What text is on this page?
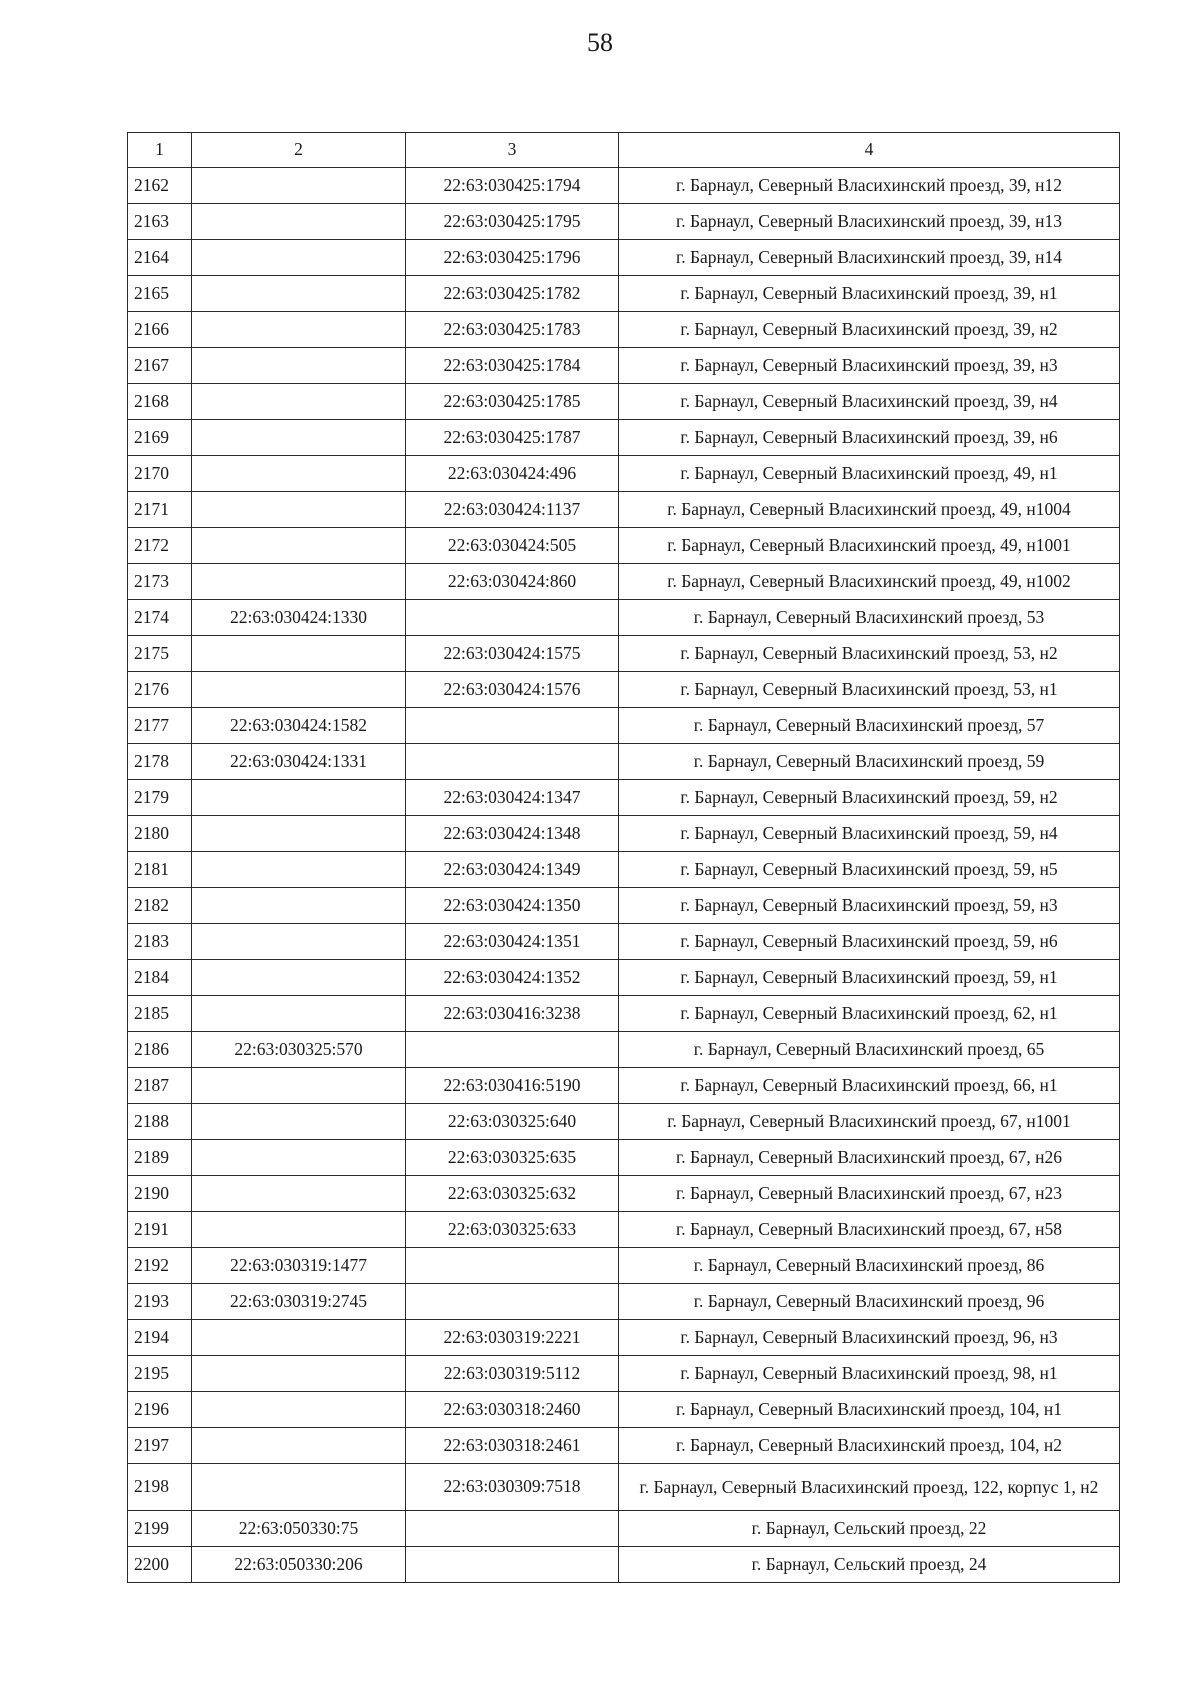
58
1	2	3	4
2162		22:63:030425:1794	г. Барнаул, Северный Власихинский проезд, 39, н12
2163		22:63:030425:1795	г. Барнаул, Северный Власихинский проезд, 39, н13
2164		22:63:030425:1796	г. Барнаул, Северный Власихинский проезд, 39, н14
2165		22:63:030425:1782	г. Барнаул, Северный Власихинский проезд, 39, н1
2166		22:63:030425:1783	г. Барнаул, Северный Власихинский проезд, 39, н2
2167		22:63:030425:1784	г. Барнаул, Северный Власихинский проезд, 39, н3
2168		22:63:030425:1785	г. Барнаул, Северный Власихинский проезд, 39, н4
2169		22:63:030425:1787	г. Барнаул, Северный Власихинский проезд, 39, н6
2170		22:63:030424:496	г. Барнаул, Северный Власихинский проезд, 49, н1
2171		22:63:030424:1137	г. Барнаул, Северный Власихинский проезд, 49, н1004
2172		22:63:030424:505	г. Барнаул, Северный Власихинский проезд, 49, н1001
2173		22:63:030424:860	г. Барнаул, Северный Власихинский проезд, 49, н1002
2174	22:63:030424:1330		г. Барнаул, Северный Власихинский проезд, 53
2175		22:63:030424:1575	г. Барнаул, Северный Власихинский проезд, 53, н2
2176		22:63:030424:1576	г. Барнаул, Северный Власихинский проезд, 53, н1
2177	22:63:030424:1582		г. Барнаул, Северный Власихинский проезд, 57
2178	22:63:030424:1331		г. Барнаул, Северный Власихинский проезд, 59
2179		22:63:030424:1347	г. Барнаул, Северный Власихинский проезд, 59, н2
2180		22:63:030424:1348	г. Барнаул, Северный Власихинский проезд, 59, н4
2181		22:63:030424:1349	г. Барнаул, Северный Власихинский проезд, 59, н5
2182		22:63:030424:1350	г. Барнаул, Северный Власихинский проезд, 59, н3
2183		22:63:030424:1351	г. Барнаул, Северный Власихинский проезд, 59, н6
2184		22:63:030424:1352	г. Барнаул, Северный Власихинский проезд, 59, н1
2185		22:63:030416:3238	г. Барнаул, Северный Власихинский проезд, 62, н1
2186	22:63:030325:570		г. Барнаул, Северный Власихинский проезд, 65
2187		22:63:030416:5190	г. Барнаул, Северный Власихинский проезд, 66, н1
2188		22:63:030325:640	г. Барнаул, Северный Власихинский проезд, 67, н1001
2189		22:63:030325:635	г. Барнаул, Северный Власихинский проезд, 67, н26
2190		22:63:030325:632	г. Барнаул, Северный Власихинский проезд, 67, н23
2191		22:63:030325:633	г. Барнаул, Северный Власихинский проезд, 67, н58
2192	22:63:030319:1477		г. Барнаул, Северный Власихинский проезд, 86
2193	22:63:030319:2745		г. Барнаул, Северный Власихинский проезд, 96
2194		22:63:030319:2221	г. Барнаул, Северный Власихинский проезд, 96, н3
2195		22:63:030319:5112	г. Барнаул, Северный Власихинский проезд, 98, н1
2196		22:63:030318:2460	г. Барнаул, Северный Власихинский проезд, 104, н1
2197		22:63:030318:2461	г. Барнаул, Северный Власихинский проезд, 104, н2
2198		22:63:030309:7518	г. Барнаул, Северный Власихинский проезд, 122, корпус 1, н2
2199	22:63:050330:75		г. Барнаул, Сельский проезд, 22
2200	22:63:050330:206		г. Барнаул, Сельский проезд, 24
